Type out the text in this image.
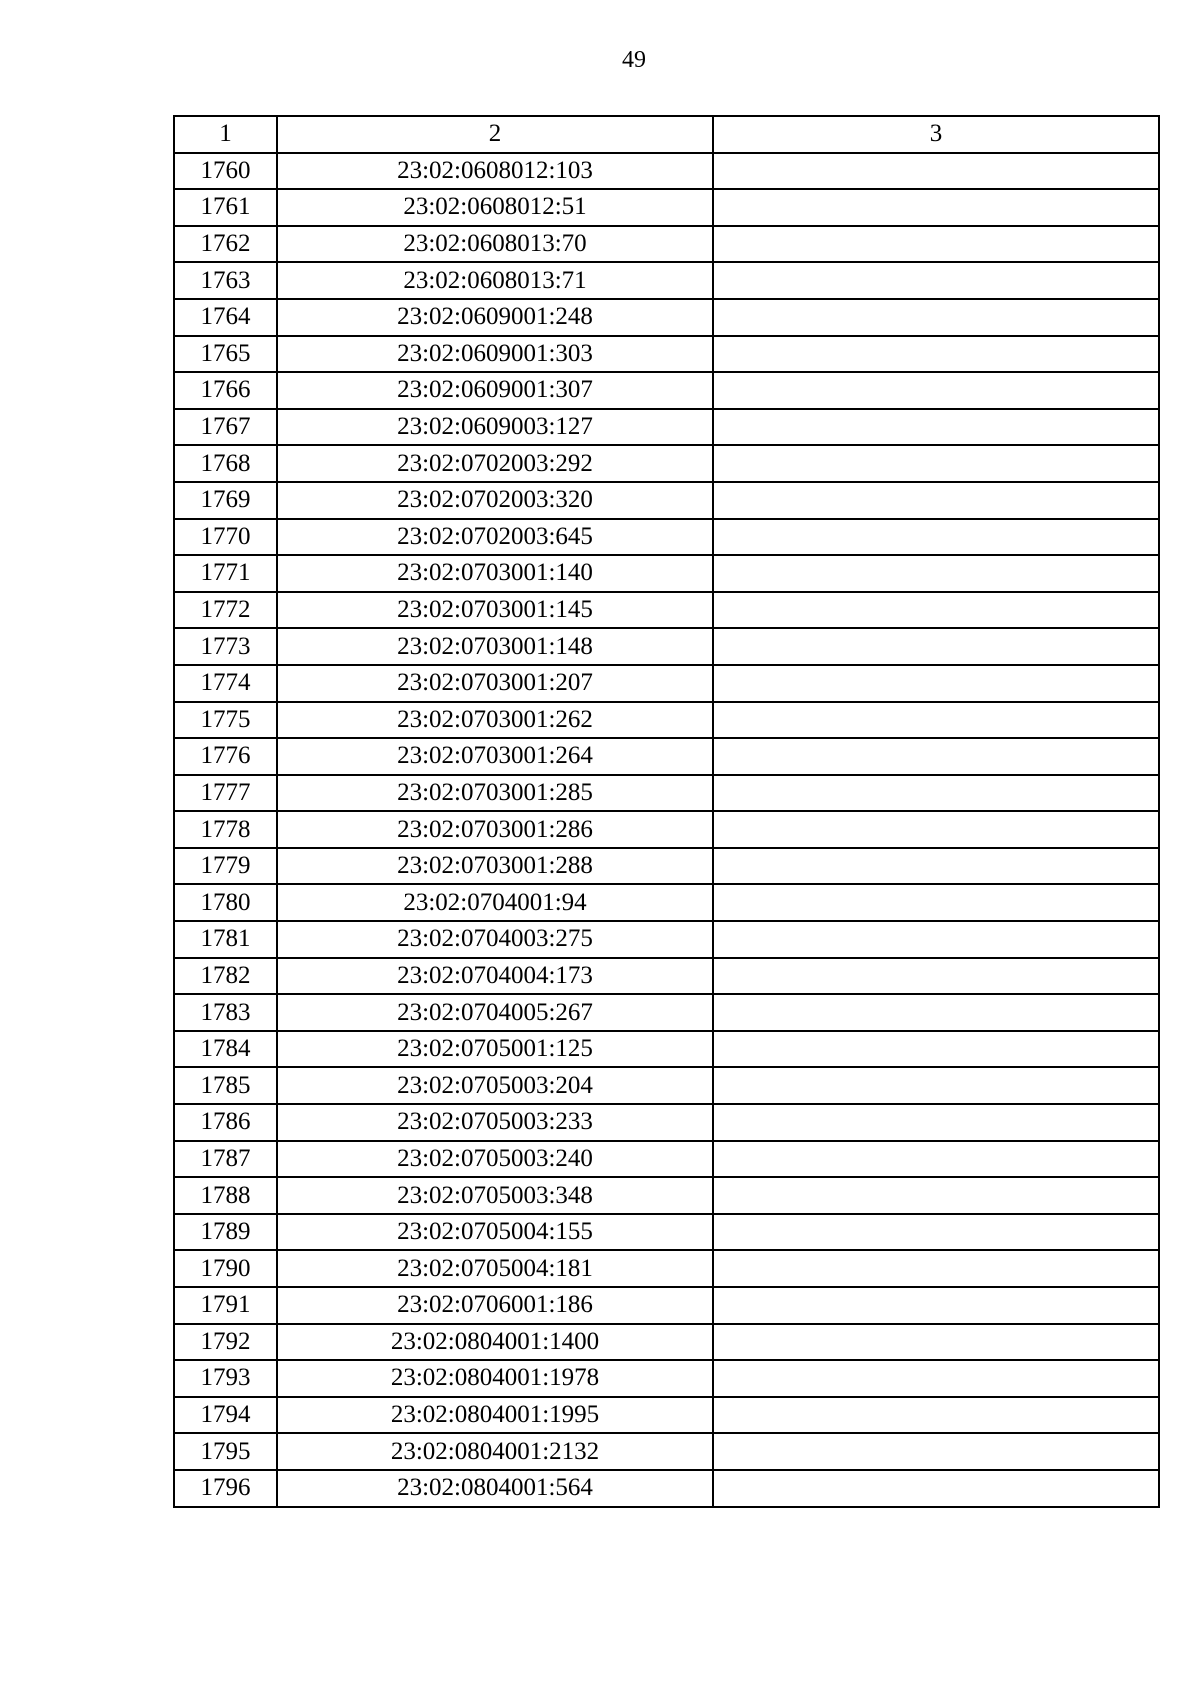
49
1	2	3
1760	23:02:0608012:103	
1761	23:02:0608012:51	
1762	23:02:0608013:70	
1763	23:02:0608013:71	
1764	23:02:0609001:248	
1765	23:02:0609001:303	
1766	23:02:0609001:307	
1767	23:02:0609003:127	
1768	23:02:0702003:292	
1769	23:02:0702003:320	
1770	23:02:0702003:645	
1771	23:02:0703001:140	
1772	23:02:0703001:145	
1773	23:02:0703001:148	
1774	23:02:0703001:207	
1775	23:02:0703001:262	
1776	23:02:0703001:264	
1777	23:02:0703001:285	
1778	23:02:0703001:286	
1779	23:02:0703001:288	
1780	23:02:0704001:94	
1781	23:02:0704003:275	
1782	23:02:0704004:173	
1783	23:02:0704005:267	
1784	23:02:0705001:125	
1785	23:02:0705003:204	
1786	23:02:0705003:233	
1787	23:02:0705003:240	
1788	23:02:0705003:348	
1789	23:02:0705004:155	
1790	23:02:0705004:181	
1791	23:02:0706001:186	
1792	23:02:0804001:1400	
1793	23:02:0804001:1978	
1794	23:02:0804001:1995	
1795	23:02:0804001:2132	
1796	23:02:0804001:564	
